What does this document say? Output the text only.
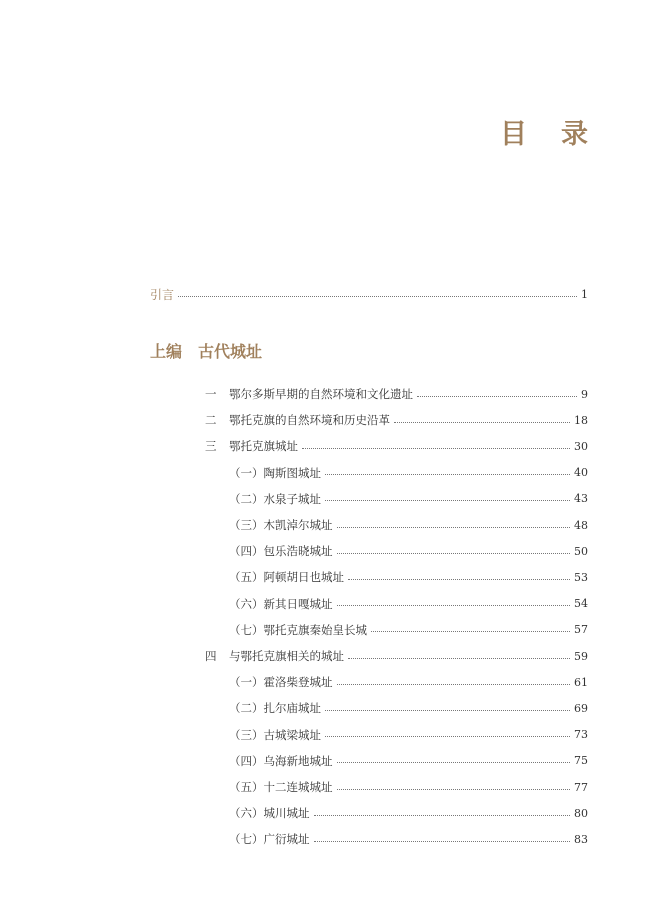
目 录
引言	1
上编 古代城址
一	鄂尔多斯早期的自然环境和文化遗址	9
二	鄂托克旗的自然环境和历史沿革	18
三	鄂托克旗城址	30
（一）陶斯图城址	40
（二）水泉子城址	43
（三）木凯淖尔城址	48
（四）包乐浩晓城址	50
（五）阿顿胡日也城址	53
（六）新其日嘎城址	54
（七）鄂托克旗秦始皇长城	57
四	与鄂托克旗相关的城址	59
（一）霍洛柴登城址	61
（二）扎尔庙城址	69
（三）古城梁城址	73
（四）乌海新地城址	75
（五）十二连城城址	77
（六）城川城址	80
（七）广衍城址	83
